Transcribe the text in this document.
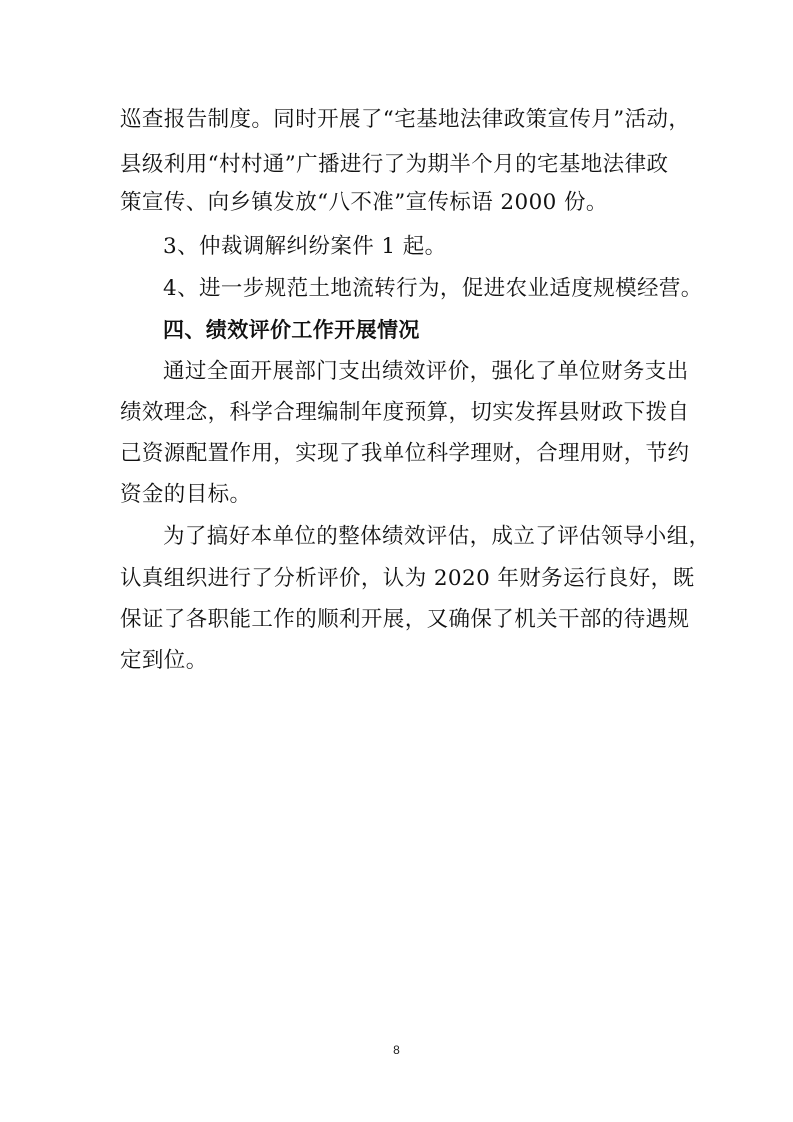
巡查报告制度。同时开展了“宅基地法律政策宣传月”活动，
县级利用“村村通”广播进行了为期半个月的宅基地法律政
策宣传、向乡镇发放“八不准”宣传标语 2000 份。
3、仲裁调解纠纷案件 1 起。
4、进一步规范土地流转行为，促进农业适度规模经营。
四、绩效评价工作开展情况
通过全面开展部门支出绩效评价，强化了单位财务支出
绩效理念，科学合理编制年度预算，切实发挥县财政下拨自
己资源配置作用，实现了我单位科学理财，合理用财，节约
资金的目标。
为了搞好本单位的整体绩效评估，成立了评估领导小组，
认真组织进行了分析评价，认为 2020 年财务运行良好，既
保证了各职能工作的顺利开展，又确保了机关干部的待遇规
定到位。
8
